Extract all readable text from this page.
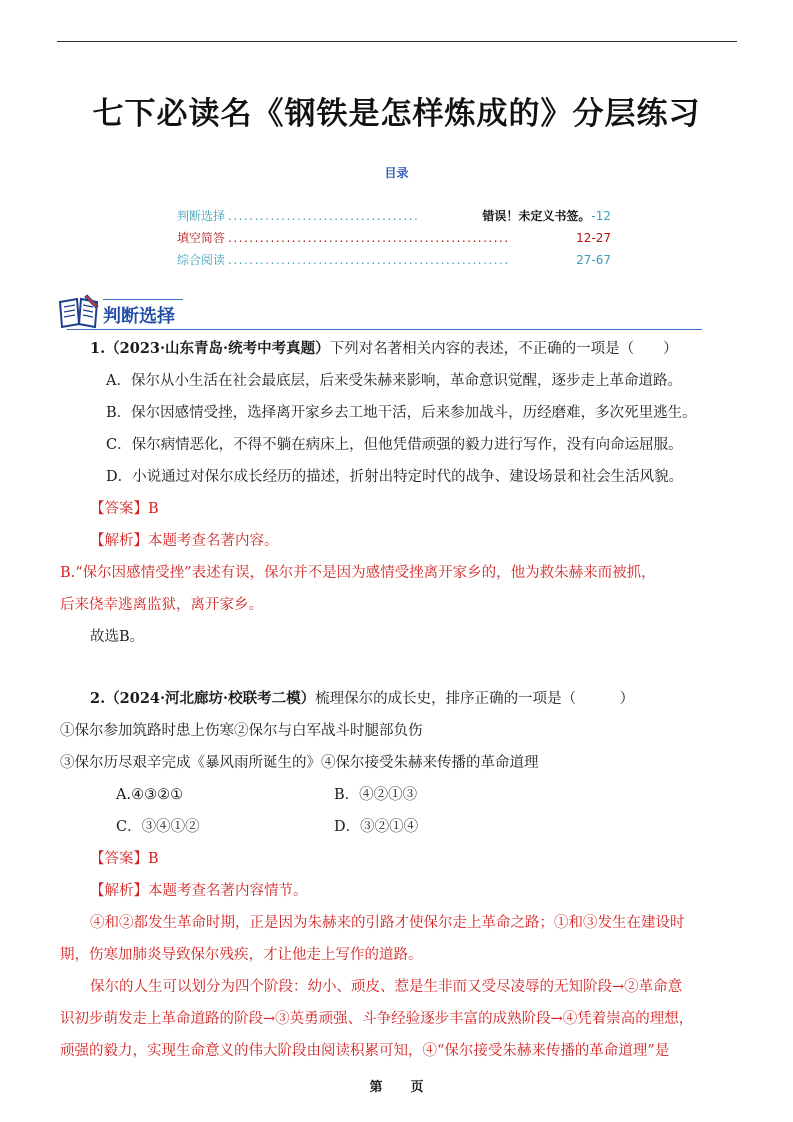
七下必读名《钢铁是怎样炼成的》分层练习
目录
判断选择 ....................................	错误！未定义书签。 -12
填空简答 .....................................................	12-27
综合阅读 .....................................................	27-67
判断选择
1.（2023·山东青岛·统考中考真题）下列对名著相关内容的表述，不正确的一项是（　　）
A．保尔从小生活在社会最底层，后来受朱赫来影响，革命意识觉醒，逐步走上革命道路。
B．保尔因感情受挫，选择离开家乡去工地干活，后来参加战斗，历经磨难，多次死里逃生。
C．保尔病情恶化，不得不躺在病床上，但他凭借顽强的毅力进行写作，没有向命运屈服。
D．小说通过对保尔成长经历的描述，折射出特定时代的战争、建设场景和社会生活风貌。
【答案】B
【解析】本题考查名著内容。
B.“保尔因感情受挫”表述有误，保尔并不是因为感情受挫离开家乡的，他为救朱赫来而被抓，
后来侥幸逃离监狱，离开家乡。
故选B。
2.（2024·河北廊坊·校联考二模）梳理保尔的成长史，排序正确的一项是（　　　）
①保尔参加筑路时患上伤寒②保尔与白军战斗时腿部负伤
③保尔历尽艰辛完成《暴风雨所诞生的》④保尔接受朱赫来传播的革命道理
A.④③②①	B．④②①③
C．③④①②	D．③②①④
【答案】B
【解析】本题考查名著内容情节。
④和②都发生革命时期，正是因为朱赫来的引路才使保尔走上革命之路；①和③发生在建设时
期，伤寒加肺炎导致保尔残疾，才让他走上写作的道路。
保尔的人生可以划分为四个阶段：幼小、顽皮、惹是生非而又受尽凌辱的无知阶段→②革命意
识初步萌发走上革命道路的阶段→③英勇顽强、斗争经验逐步丰富的成熟阶段→④凭着崇高的理想，
顽强的毅力，实现生命意义的伟大阶段由阅读积累可知，④“保尔接受朱赫来传播的革命道理”是
第 页
